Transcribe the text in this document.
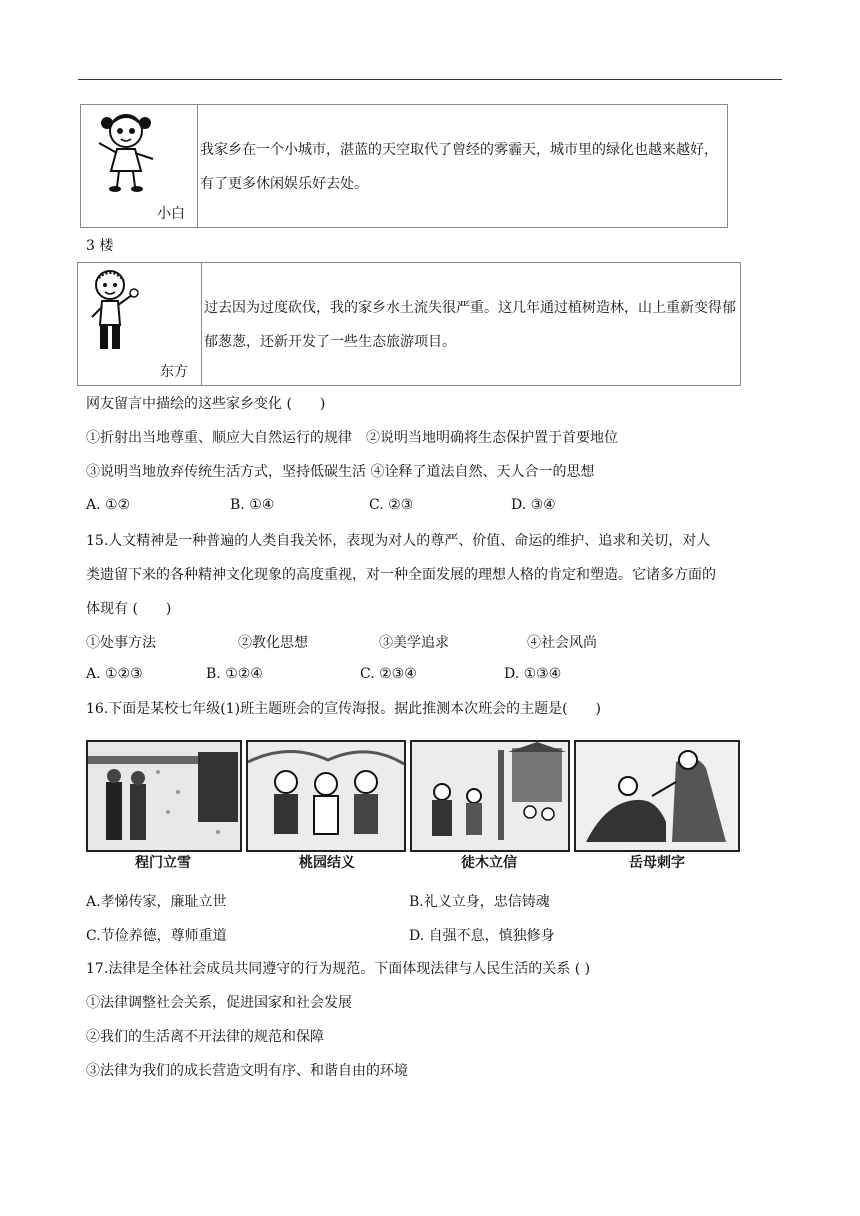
小白
我家乡在一个小城市，湛蓝的天空取代了曾经的雾霾天，城市里的绿化也越来越好，有了更多休闲娱乐好去处。
3 楼
东方
过去因为过度砍伐，我的家乡水土流失很严重。这几年通过植树造林，山上重新变得郁郁葱葱，还新开发了一些生态旅游项目。
网友留言中描绘的这些家乡变化 (  )
①折射出当地尊重、顺应大自然运行的规律 ②说明当地明确将生态保护置于首要地位
③说明当地放弃传统生活方式，坚持低碳生活 ④诠释了道法自然、天人合一的思想
A. ①②	B. ①④	C. ②③	D. ③④
15.人文精神是一种普遍的人类自我关怀，表现为对人的尊严、价值、命运的维护、追求和关切，对人
类遗留下来的各种精神文化现象的高度重视，对一种全面发展的理想人格的肯定和塑造。它诸多方面的
体现有 (  )
①处事方法	②教化思想	③美学追求	④社会风尚
A. ①②③	B. ①②④	C. ②③④	D. ①③④
16.下面是某校七年级(1)班主题班会的宣传海报。据此推测本次班会的主题是(  )
程门立雪	桃园结义	徒木立信	岳母刺字
A.孝悌传家，廉耻立世	B.礼义立身，忠信铸魂
C.节俭养德，尊师重道	D. 自强不息，慎独修身
17.法律是全体社会成员共同遵守的行为规范。下面体现法律与人民生活的关系 ( )
①法律调整社会关系，促进国家和社会发展
②我们的生活离不开法律的规范和保障
③法律为我们的成长营造文明有序、和谐自由的环境
